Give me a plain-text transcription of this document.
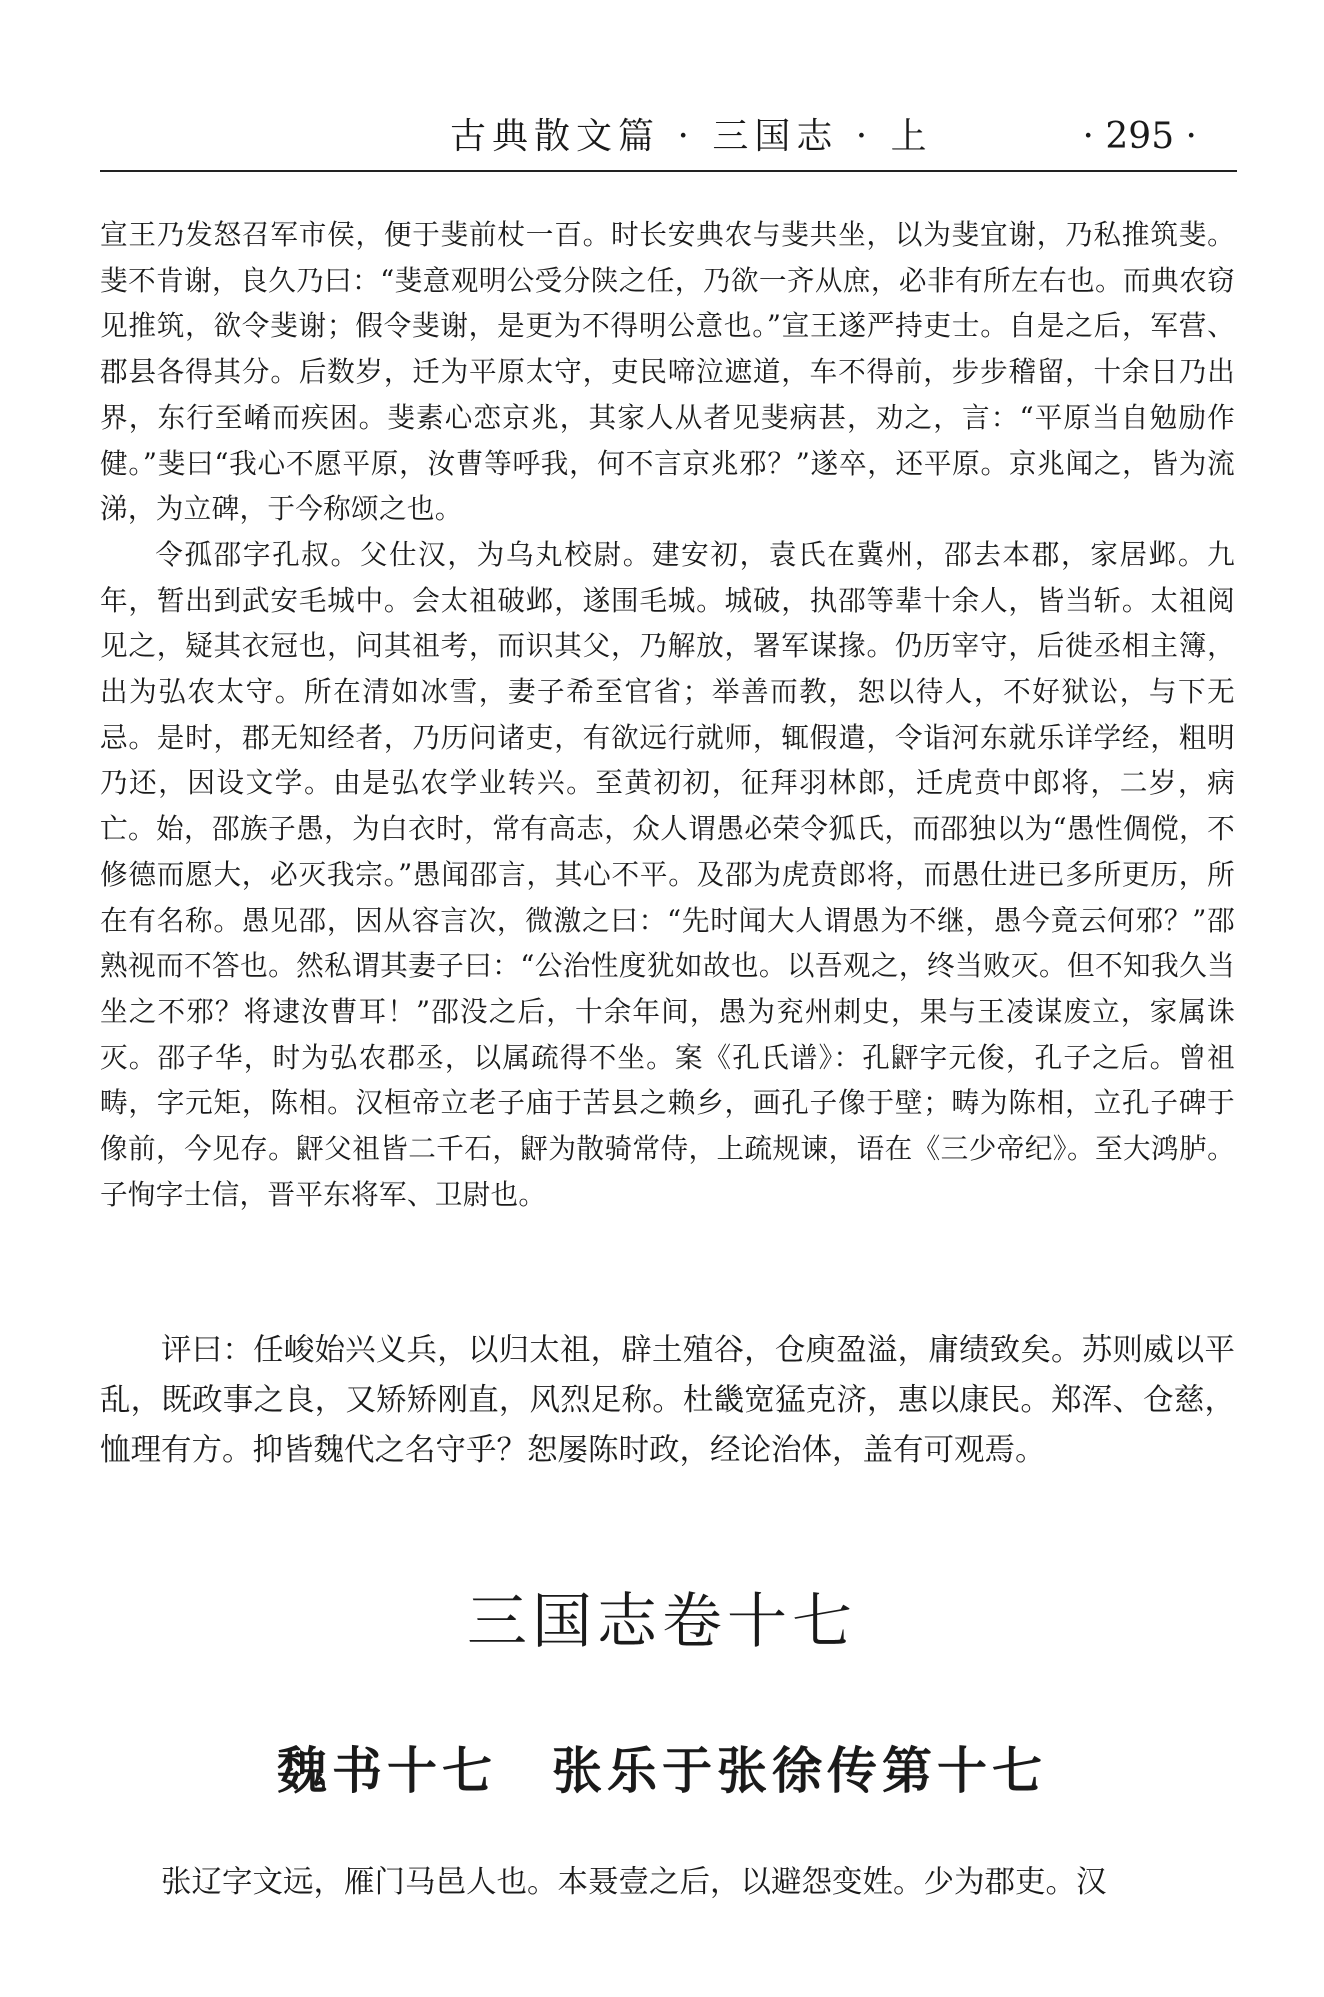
古典散文篇 · 三国志 · 上	· 295 ·

宣王乃发怒召军市侯，便于斐前杖一百。时长安典农与斐共坐，以为斐宜谢，乃私推筑斐。斐不肯谢，良久乃曰：“斐意观明公受分陕之任，乃欲一齐从庶，必非有所左右也。而典农窃见推筑，欲令斐谢；假令斐谢，是更为不得明公意也。”宣王遂严持吏士。自是之后，军营、郡县各得其分。后数岁，迁为平原太守，吏民啼泣遮道，车不得前，步步稽留，十余日乃出界，东行至崤而疾困。斐素心恋京兆，其家人从者见斐病甚，劝之，言：“平原当自勉励作健。”斐曰“我心不愿平原，汝曹等呼我，何不言京兆邪？”遂卒，还平原。京兆闻之，皆为流涕，为立碑，于今称颂之也。

令孤邵字孔叔。父仕汉，为乌丸校尉。建安初，袁氏在冀州，邵去本郡，家居邺。九年，暂出到武安毛城中。会太祖破邺，遂围毛城。城破，执邵等辈十余人，皆当斩。太祖阅见之，疑其衣冠也，问其祖考，而识其父，乃解放，署军谋掾。仍历宰守，后徙丞相主簿，出为弘农太守。所在清如冰雪，妻子希至官省；举善而教，恕以待人，不好狱讼，与下无忌。是时，郡无知经者，乃历问诸吏，有欲远行就师，辄假遣，令诣河东就乐详学经，粗明乃还，因设文学。由是弘农学业转兴。至黄初初，征拜羽林郎，迁虎贲中郎将，二岁，病亡。始，邵族子愚，为白衣时，常有高志，众人谓愚必荣令狐氏，而邵独以为“愚性倜傥，不修德而愿大，必灭我宗。”愚闻邵言，其心不平。及邵为虎贲郎将，而愚仕进已多所更历，所在有名称。愚见邵，因从容言次，微激之曰：“先时闻大人谓愚为不继，愚今竟云何邪？”邵熟视而不答也。然私谓其妻子曰：“公治性度犹如故也。以吾观之，终当败灭。但不知我久当坐之不邪？将逮汝曹耳！”邵没之后，十余年间，愚为兖州刺史，果与王凌谋废立，家属诛灭。邵子华，时为弘农郡丞，以属疏得不坐。案《孔氏谱》：孔䶄字元俊，孔子之后。曾祖畴，字元矩，陈相。汉桓帝立老子庙于苦县之赖乡，画孔子像于壁；畴为陈相，立孔子碑于像前，今见存。䶄父祖皆二千石，䶄为散骑常侍，上疏规谏，语在《三少帝纪》。至大鸿胪。子恂字士信，晋平东将军、卫尉也。

评曰：任峻始兴义兵，以归太祖，辟土殖谷，仓庾盈溢，庸绩致矣。苏则威以平乱，既政事之良，又矫矫刚直，风烈足称。杜畿宽猛克济，惠以康民。郑浑、仓慈，恤理有方。抑皆魏代之名守乎？恕屡陈时政，经论治体，盖有可观焉。

三国志卷十七
魏书十七　张乐于张徐传第十七

张辽字文远，雁门马邑人也。本聂壹之后，以避怨变姓。少为郡吏。汉
